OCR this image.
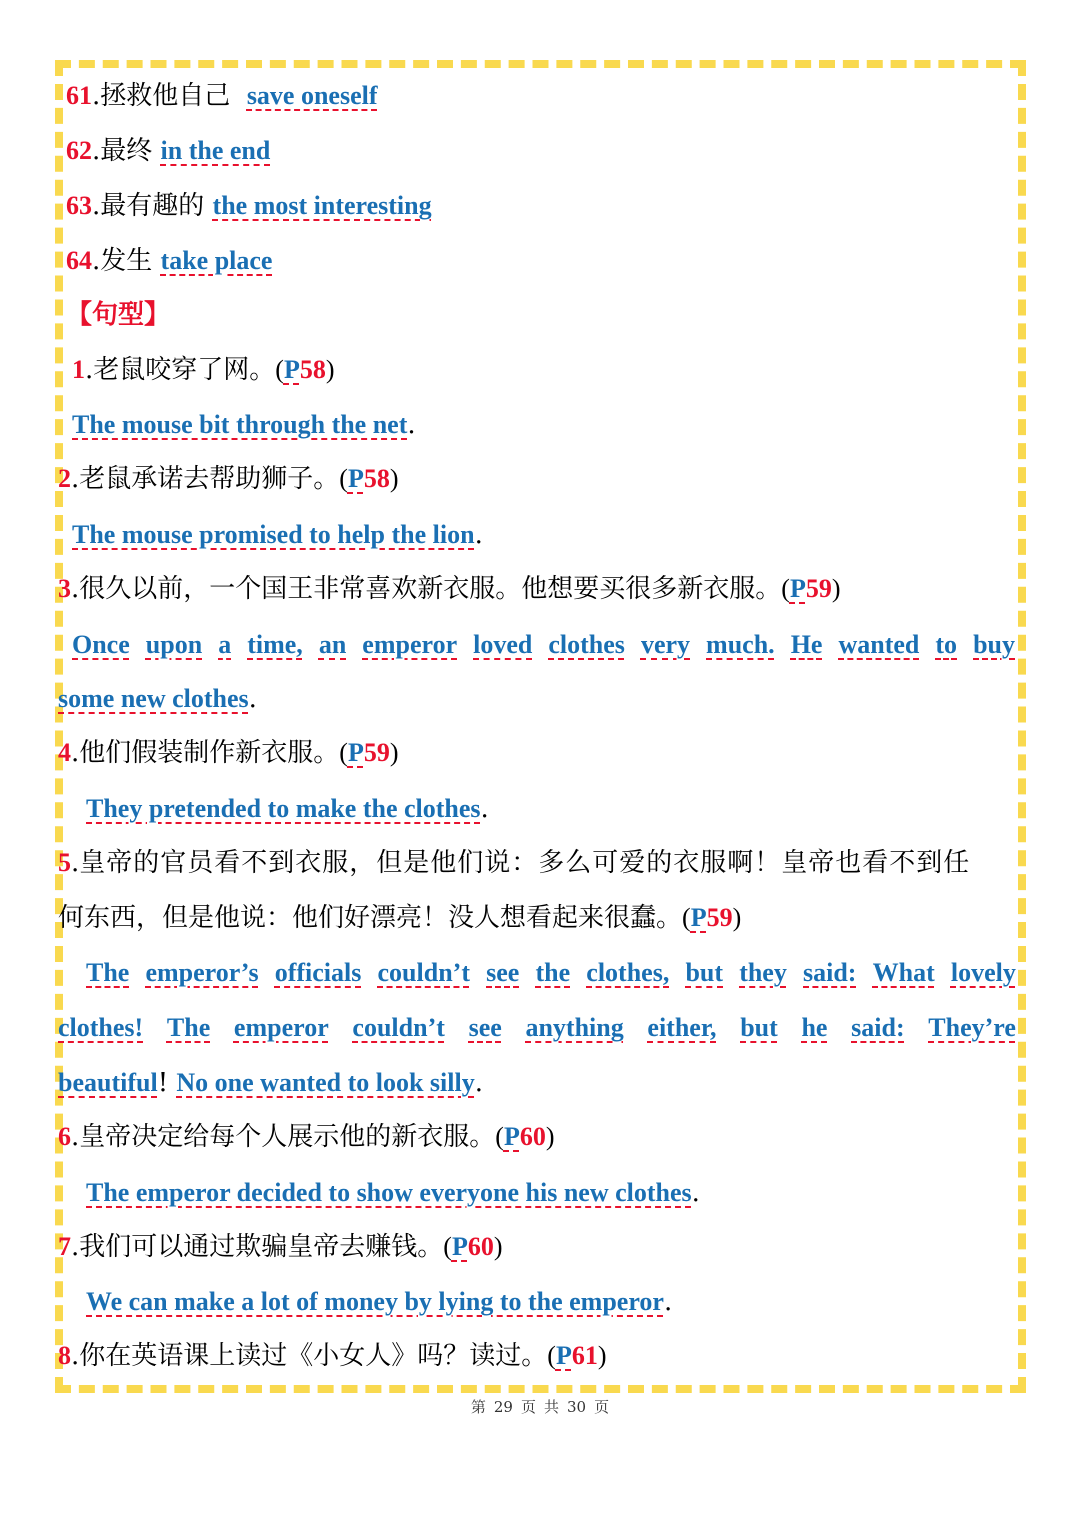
61.拯救他自己 save oneself
62.最终 in the end
63.最有趣的 the most interesting
64.发生 take place
【句型】
1.老鼠咬穿了网。(P58)
The mouse bit through the net.
2.老鼠承诺去帮助狮子。(P58)
The mouse promised to help the lion.
3.很久以前，一个国王非常喜欢新衣服。他想要买很多新衣服。(P59)
Once upon a time, an emperor loved clothes very much. He wanted to buy
some new clothes.
4.他们假装制作新衣服。(P59)
They pretended to make the clothes.
5.皇帝的官员看不到衣服，但是他们说：多么可爱的衣服啊！皇帝也看不到任
何东西，但是他说：他们好漂亮！没人想看起来很蠢。(P59)
The emperor’s officials couldn’t see the clothes, but they said: What lovely
clothes! The emperor couldn’t see anything either, but he said: They’re
beautiful! No one wanted to look silly.
6.皇帝决定给每个人展示他的新衣服。(P60)
The emperor decided to show everyone his new clothes.
7.我们可以通过欺骗皇帝去赚钱。(P60)
We can make a lot of money by lying to the emperor.
8.你在英语课上读过《小女人》吗？读过。(P61)
第 29 页 共 30 页
